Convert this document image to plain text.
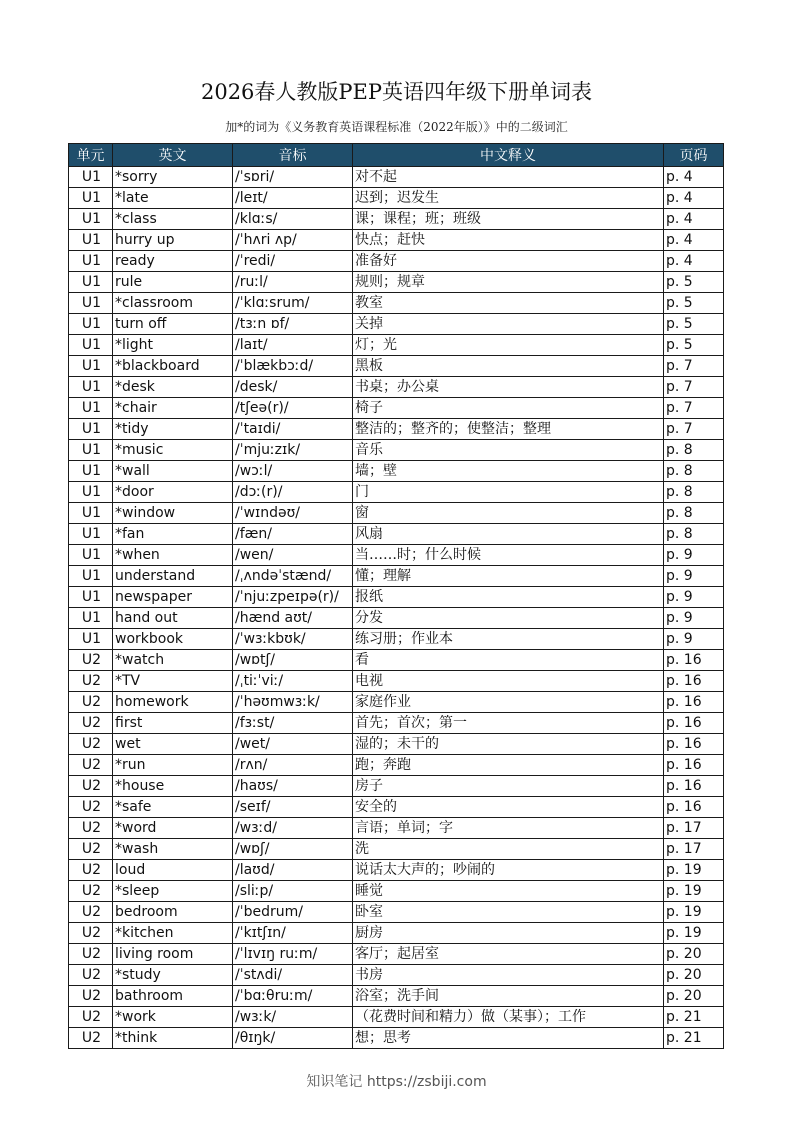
2026春人教版PEP英语四年级下册单词表
加*的词为《义务教育英语课程标准（2022年版）》中的二级词汇
单元	英文	音标	中文释义	页码
U1	*sorry	/ˈsɒri/	对不起	p. 4
U1	*late	/leɪt/	迟到；迟发生	p. 4
U1	*class	/klɑːs/	课；课程；班；班级	p. 4
U1	hurry up	/ˈhʌri ʌp/	快点；赶快	p. 4
U1	ready	/ˈredi/	准备好	p. 4
U1	rule	/ruːl/	规则；规章	p. 5
U1	*classroom	/ˈklɑːsrum/	教室	p. 5
U1	turn off	/tɜːn ɒf/	关掉	p. 5
U1	*light	/laɪt/	灯；光	p. 5
U1	*blackboard	/ˈblækbɔːd/	黑板	p. 7
U1	*desk	/desk/	书桌；办公桌	p. 7
U1	*chair	/tʃeə(r)/	椅子	p. 7
U1	*tidy	/ˈtaɪdi/	整洁的；整齐的；使整洁；整理	p. 7
U1	*music	/ˈmjuːzɪk/	音乐	p. 8
U1	*wall	/wɔːl/	墙；壁	p. 8
U1	*door	/dɔː(r)/	门	p. 8
U1	*window	/ˈwɪndəʊ/	窗	p. 8
U1	*fan	/fæn/	风扇	p. 8
U1	*when	/wen/	当……时；什么时候	p. 9
U1	understand	/ˌʌndəˈstænd/	懂；理解	p. 9
U1	newspaper	/ˈnjuːzpeɪpə(r)/	报纸	p. 9
U1	hand out	/hænd aʊt/	分发	p. 9
U1	workbook	/ˈwɜːkbʊk/	练习册；作业本	p. 9
U2	*watch	/wɒtʃ/	看	p. 16
U2	*TV	/ˌtiːˈviː/	电视	p. 16
U2	homework	/ˈhəʊmwɜːk/	家庭作业	p. 16
U2	first	/fɜːst/	首先；首次；第一	p. 16
U2	wet	/wet/	湿的；未干的	p. 16
U2	*run	/rʌn/	跑；奔跑	p. 16
U2	*house	/haʊs/	房子	p. 16
U2	*safe	/seɪf/	安全的	p. 16
U2	*word	/wɜːd/	言语；单词；字	p. 17
U2	*wash	/wɒʃ/	洗	p. 17
U2	loud	/laʊd/	说话太大声的；吵闹的	p. 19
U2	*sleep	/sliːp/	睡觉	p. 19
U2	bedroom	/ˈbedrum/	卧室	p. 19
U2	*kitchen	/ˈkɪtʃɪn/	厨房	p. 19
U2	living room	/ˈlɪvɪŋ ruːm/	客厅；起居室	p. 20
U2	*study	/ˈstʌdi/	书房	p. 20
U2	bathroom	/ˈbɑːθruːm/	浴室；洗手间	p. 20
U2	*work	/wɜːk/	（花费时间和精力）做（某事）；工作	p. 21
U2	*think	/θɪŋk/	想；思考	p. 21
知识笔记 https://zsbiji.com
